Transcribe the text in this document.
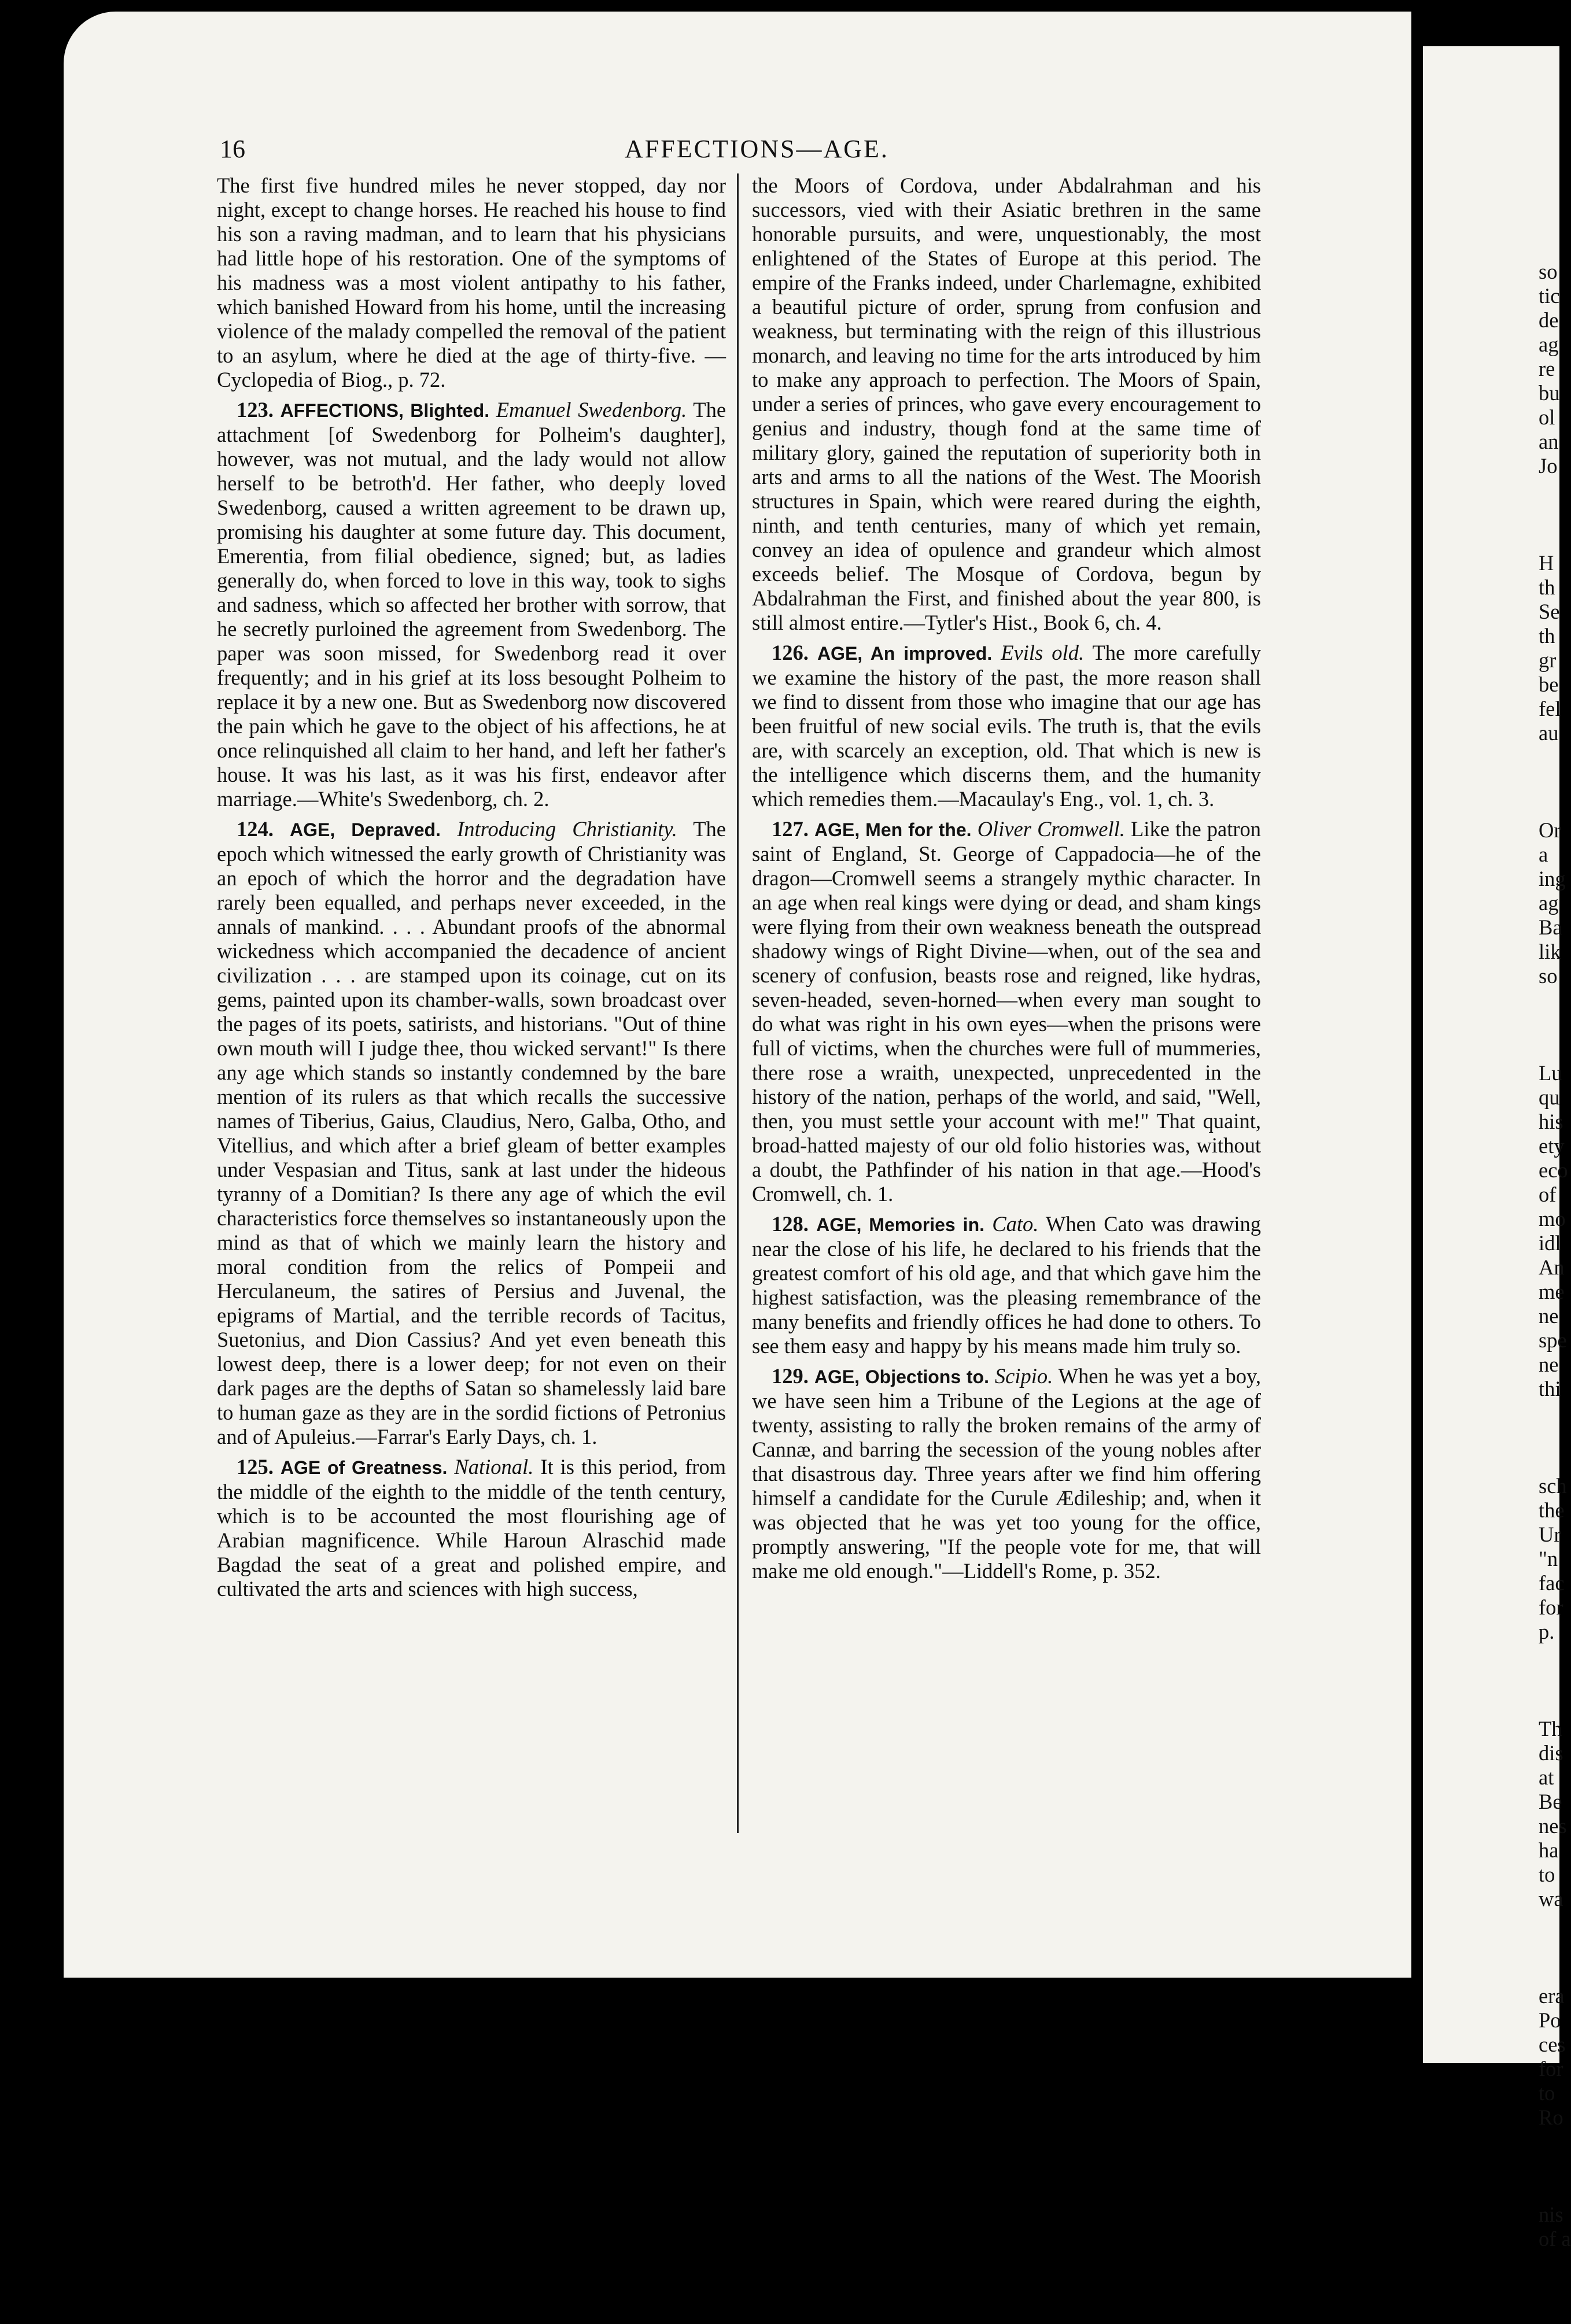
so
tic
de
ag
re
bu
ol
an
Jo

H
th
Se
th
gr
be
fel
au

Or
a
ing
ag
Ba
lik
so

Lu
qu
his
ety
eco
of
mo
idl
An
me
ne
spe
ne
thi

sch
the
Ur
"n
fac
for
p.

Th
dis
at
Be
nes
ha
to
wa

era
Po
ces
for
to
Ro

nis
of a

16	AFFECTIONS—AGE.

The first five hundred miles he never stopped, day nor night, except to change horses. He reached his house to find his son a raving madman, and to learn that his physicians had little hope of his restoration. One of the symptoms of his madness was a most violent antipathy to his father, which banished Howard from his home, until the increasing violence of the malady compelled the removal of the patient to an asylum, where he died at the age of thirty-five. —Cyclopedia of Biog., p. 72.

123. AFFECTIONS, Blighted. Emanuel Swedenborg. The attachment [of Swedenborg for Polheim's daughter], however, was not mutual, and the lady would not allow herself to be betroth'd. Her father, who deeply loved Swedenborg, caused a written agreement to be drawn up, promising his daughter at some future day. This document, Emerentia, from filial obedience, signed; but, as ladies generally do, when forced to love in this way, took to sighs and sadness, which so affected her brother with sorrow, that he secretly purloined the agreement from Swedenborg. The paper was soon missed, for Swedenborg read it over frequently; and in his grief at its loss besought Polheim to replace it by a new one. But as Swedenborg now discovered the pain which he gave to the object of his affections, he at once relinquished all claim to her hand, and left her father's house. It was his last, as it was his first, endeavor after marriage.—White's Swedenborg, ch. 2.

124. AGE, Depraved. Introducing Christianity. The epoch which witnessed the early growth of Christianity was an epoch of which the horror and the degradation have rarely been equalled, and perhaps never exceeded, in the annals of mankind. . . . Abundant proofs of the abnormal wickedness which accompanied the decadence of ancient civilization . . . are stamped upon its coinage, cut on its gems, painted upon its chamber-walls, sown broadcast over the pages of its poets, satirists, and historians. "Out of thine own mouth will I judge thee, thou wicked servant!" Is there any age which stands so instantly condemned by the bare mention of its rulers as that which recalls the successive names of Tiberius, Gaius, Claudius, Nero, Galba, Otho, and Vitellius, and which after a brief gleam of better examples under Vespasian and Titus, sank at last under the hideous tyranny of a Domitian? Is there any age of which the evil characteristics force themselves so instantaneously upon the mind as that of which we mainly learn the history and moral condition from the relics of Pompeii and Herculaneum, the satires of Persius and Juvenal, the epigrams of Martial, and the terrible records of Tacitus, Suetonius, and Dion Cassius? And yet even beneath this lowest deep, there is a lower deep; for not even on their dark pages are the depths of Satan so shamelessly laid bare to human gaze as they are in the sordid fictions of Petronius and of Apuleius.—Farrar's Early Days, ch. 1.

125. AGE of Greatness. National. It is this period, from the middle of the eighth to the middle of the tenth century, which is to be accounted the most flourishing age of Arabian magnificence. While Haroun Alraschid made Bagdad the seat of a great and polished empire, and cultivated the arts and sciences with high success,

the Moors of Cordova, under Abdalrahman and his successors, vied with their Asiatic brethren in the same honorable pursuits, and were, unquestionably, the most enlightened of the States of Europe at this period. The empire of the Franks indeed, under Charlemagne, exhibited a beautiful picture of order, sprung from confusion and weakness, but terminating with the reign of this illustrious monarch, and leaving no time for the arts introduced by him to make any approach to perfection. The Moors of Spain, under a series of princes, who gave every encouragement to genius and industry, though fond at the same time of military glory, gained the reputation of superiority both in arts and arms to all the nations of the West. The Moorish structures in Spain, which were reared during the eighth, ninth, and tenth centuries, many of which yet remain, convey an idea of opulence and grandeur which almost exceeds belief. The Mosque of Cordova, begun by Abdalrahman the First, and finished about the year 800, is still almost entire.—Tytler's Hist., Book 6, ch. 4.

126. AGE, An improved. Evils old. The more carefully we examine the history of the past, the more reason shall we find to dissent from those who imagine that our age has been fruitful of new social evils. The truth is, that the evils are, with scarcely an exception, old. That which is new is the intelligence which discerns them, and the humanity which remedies them.—Macaulay's Eng., vol. 1, ch. 3.

127. AGE, Men for the. Oliver Cromwell. Like the patron saint of England, St. George of Cappadocia—he of the dragon—Cromwell seems a strangely mythic character. In an age when real kings were dying or dead, and sham kings were flying from their own weakness beneath the outspread shadowy wings of Right Divine—when, out of the sea and scenery of confusion, beasts rose and reigned, like hydras, seven-headed, seven-horned—when every man sought to do what was right in his own eyes—when the prisons were full of victims, when the churches were full of mummeries, there rose a wraith, unexpected, unprecedented in the history of the nation, perhaps of the world, and said, "Well, then, you must settle your account with me!" That quaint, broad-hatted majesty of our old folio histories was, without a doubt, the Pathfinder of his nation in that age.—Hood's Cromwell, ch. 1.

128. AGE, Memories in. Cato. When Cato was drawing near the close of his life, he declared to his friends that the greatest comfort of his old age, and that which gave him the highest satisfaction, was the pleasing remembrance of the many benefits and friendly offices he had done to others. To see them easy and happy by his means made him truly so.

129. AGE, Objections to. Scipio. When he was yet a boy, we have seen him a Tribune of the Legions at the age of twenty, assisting to rally the broken remains of the army of Cannæ, and barring the secession of the young nobles after that disastrous day. Three years after we find him offering himself a candidate for the Curule Ædileship; and, when it was objected that he was yet too young for the office, promptly answering, "If the people vote for me, that will make me old enough."—Liddell's Rome, p. 352.
